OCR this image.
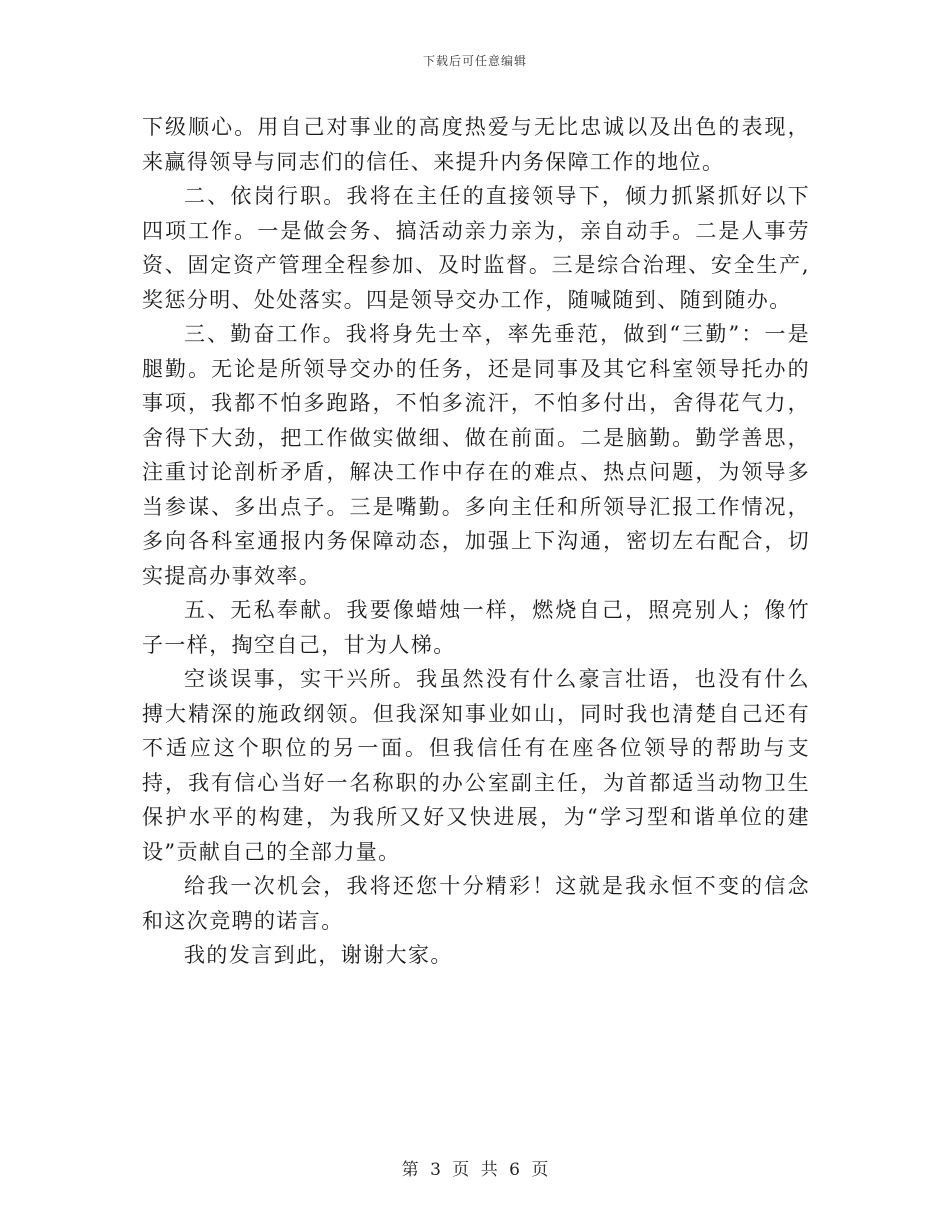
下载后可任意编辑

下级顺心。用自己对事业的高度热爱与无比忠诚以及出色的表现，来赢得领导与同志们的信任、来提升内务保障工作的地位。

二、依岗行职。我将在主任的直接领导下，倾力抓紧抓好以下四项工作。一是做会务、搞活动亲力亲为，亲自动手。二是人事劳资、固定资产管理全程参加、及时监督。三是综合治理、安全生产,奖惩分明、处处落实。四是领导交办工作，随喊随到、随到随办。

三、勤奋工作。我将身先士卒，率先垂范，做到“三勤”：一是腿勤。无论是所领导交办的任务，还是同事及其它科室领导托办的事项，我都不怕多跑路，不怕多流汗，不怕多付出，舍得花气力，舍得下大劲，把工作做实做细、做在前面。二是脑勤。勤学善思，注重讨论剖析矛盾，解决工作中存在的难点、热点问题，为领导多当参谋、多出点子。三是嘴勤。多向主任和所领导汇报工作情况，多向各科室通报内务保障动态，加强上下沟通，密切左右配合，切实提高办事效率。

五、无私奉献。我要像蜡烛一样，燃烧自己，照亮别人；像竹子一样，掏空自己，甘为人梯。

空谈误事，实干兴所。我虽然没有什么豪言壮语，也没有什么搏大精深的施政纲领。但我深知事业如山，同时我也清楚自己还有不适应这个职位的另一面。但我信任有在座各位领导的帮助与支持，我有信心当好一名称职的办公室副主任，为首都适当动物卫生保护水平的构建，为我所又好又快进展，为“学习型和谐单位的建设”贡献自己的全部力量。

给我一次机会，我将还您十分精彩！这就是我永恒不变的信念和这次竞聘的诺言。

我的发言到此，谢谢大家。

第 3 页 共 6 页
